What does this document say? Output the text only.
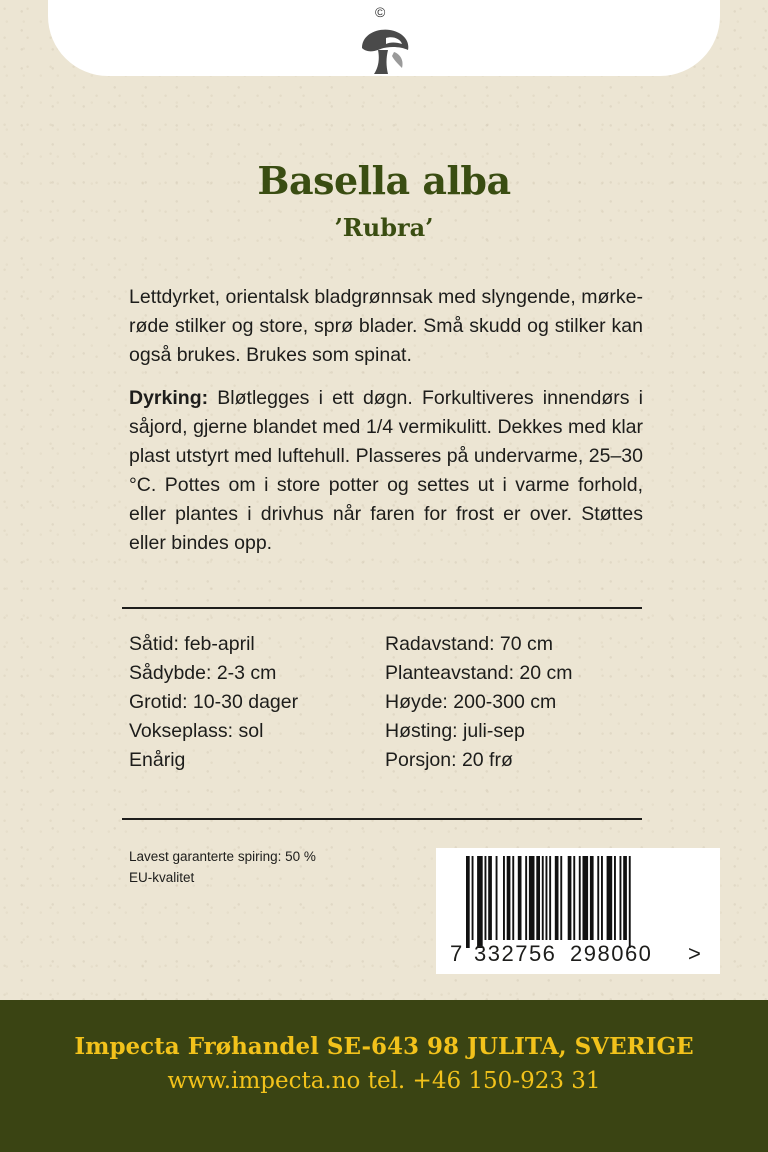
©
Basella alba
’Rubra’
Lettdyrket, orientalsk bladgrønnsak med slyngende, mørkerøde stilker og store, sprø blader. Små skudd og stilker kan også brukes. Brukes som spinat.
Dyrking: Bløtlegges i ett døgn. Forkultiveres innendørs i såjord, gjerne blandet med 1/4 vermikulitt. Dekkes med klar plast utstyrt med luftehull. Plasseres på undervarme, 25–30 °C. Pottes om i store potter og settes ut i varme forhold, eller plantes i drivhus når faren for frost er over. Støttes eller bindes opp.
Såtid: feb-april
Sådybde: 2-3 cm
Grotid: 10-30 dager
Vokseplass: sol
Enårig
Radavstand: 70 cm
Planteavstand: 20 cm
Høyde: 200-300 cm
Høsting: juli-sep
Porsjon: 20 frø
Lavest garanterte spiring: 50 %
EU-kvalitet
7 332756 298060 >
Impecta Frøhandel SE-643 98 JULITA, SVERIGE
www.impecta.no tel. +46 150-923 31
